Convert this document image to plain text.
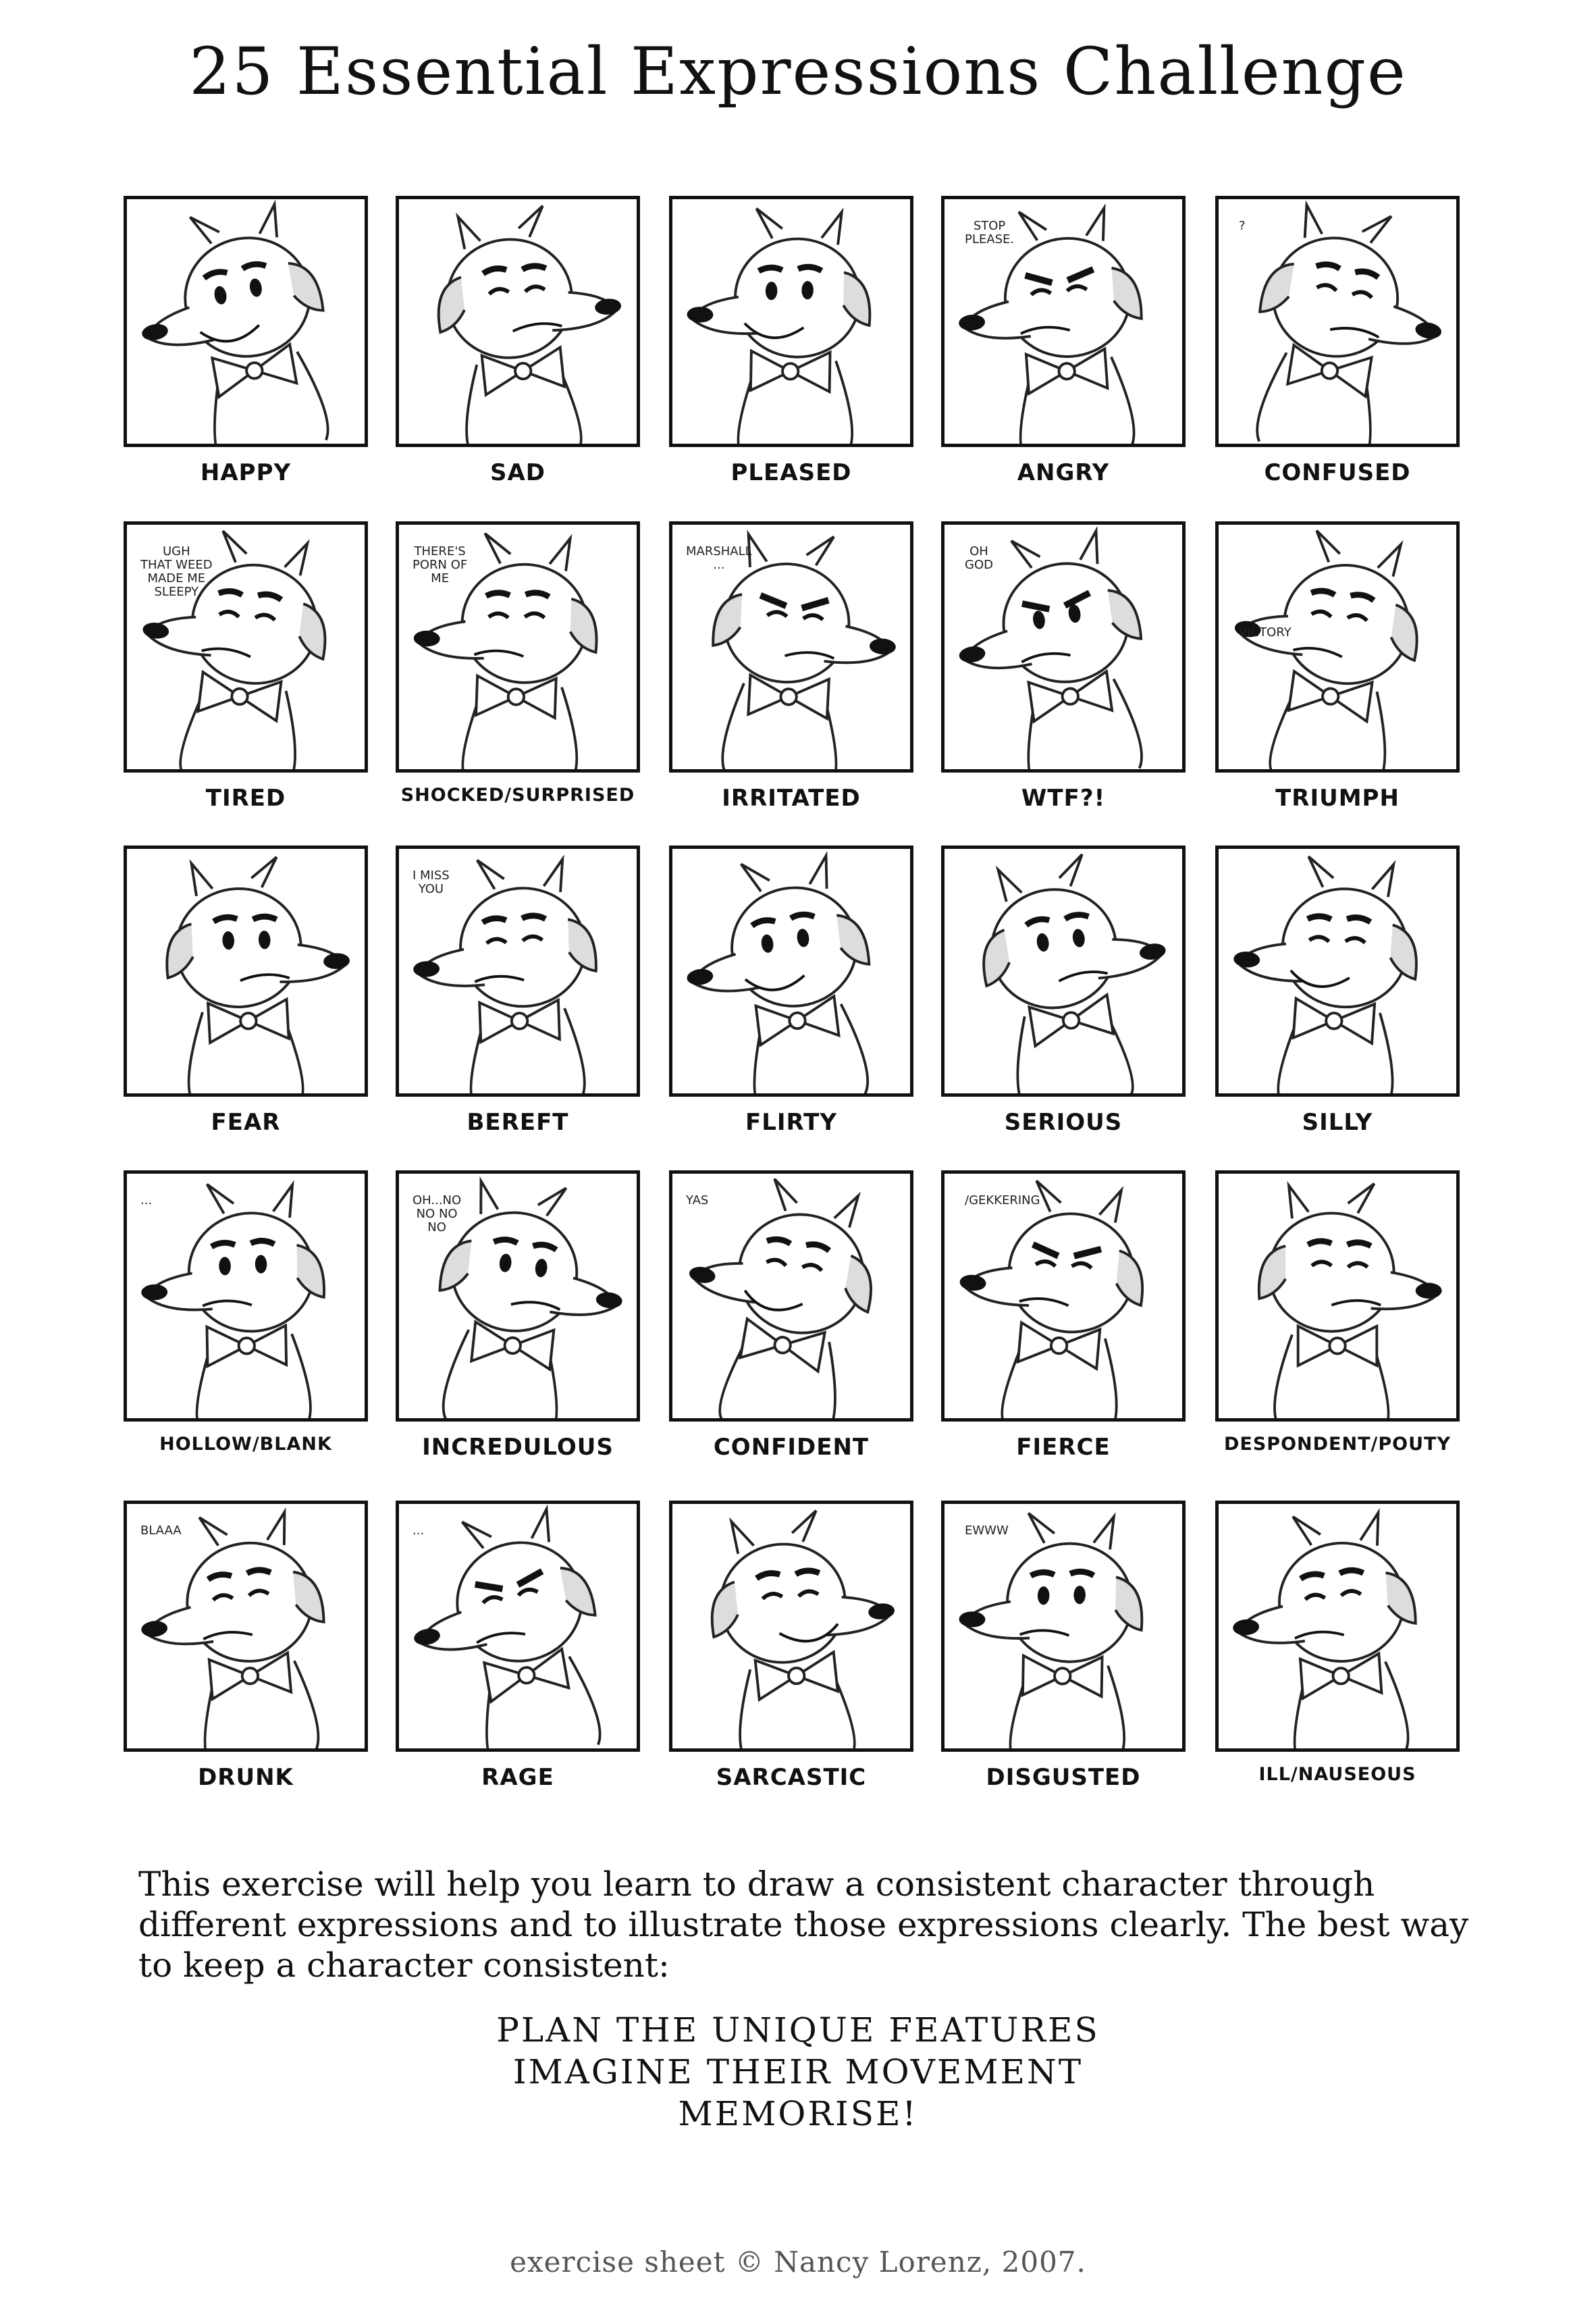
25 Essential Expressions Challenge
HAPPY	SAD	PLEASED
STOP
PLEASE.
ANGRY
?
CONFUSED
UGH
THAT WEED
MADE ME
SLEEPY
TIRED
THERE'S
PORN OF
ME
SHOCKED/SURPRISED
MARSHALL
...
IRRITATED
OH
GOD
WTF?!
VICTORY
TRIUMPH
FEAR
I MISS
YOU
BEREFT	FLIRTY	SERIOUS	SILLY
...
HOLLOW/BLANK
OH...NO
NO NO
NO
INCREDULOUS
YAS
CONFIDENT
/GEKKERING
FIERCE	DESPONDENT/POUTY
BLAAA
DRUNK
...
RAGE	SARCASTIC
EWWW
DISGUSTED	ILL/NAUSEOUS

This exercise will help you learn to draw a consistent character through different expressions and to illustrate those expressions clearly. The best way to keep a character consistent:

PLAN THE UNIQUE FEATURES
IMAGINE THEIR MOVEMENT
MEMORISE!
exercise sheet © Nancy Lorenz, 2007.
